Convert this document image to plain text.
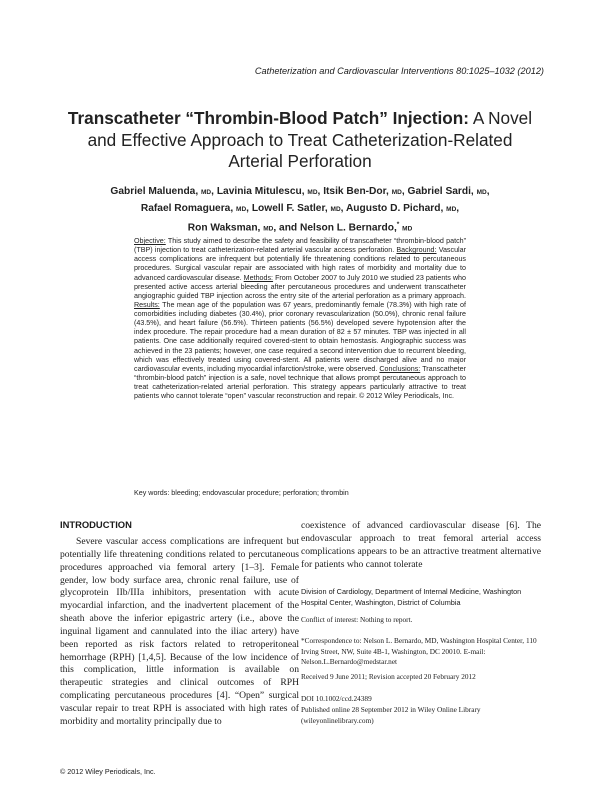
Catheterization and Cardiovascular Interventions 80:1025–1032 (2012)
Transcatheter “Thrombin-Blood Patch” Injection: A Novel and Effective Approach to Treat Catheterization-Related Arterial Perforation
Gabriel Maluenda, MD, Lavinia Mitulescu, MD, Itsik Ben-Dor, MD, Gabriel Sardi, MD,
Rafael Romaguera, MD, Lowell F. Satler, MD, Augusto D. Pichard, MD,
Ron Waksman, MD, and Nelson L. Bernardo,* MD
Objective: This study aimed to describe the safety and feasibility of transcatheter “thrombin-blood patch” (TBP) injection to treat catheterization-related arterial vascular access perforation. Background: Vascular access complications are infrequent but potentially life threatening conditions related to percutaneous procedures. Surgical vascular repair are associated with high rates of morbidity and mortality due to advanced cardiovascular disease. Methods: From October 2007 to July 2010 we studied 23 patients who presented active access arterial bleeding after percutaneous procedures and underwent transcatheter angiographic guided TBP injection across the entry site of the arterial perforation as a primary approach. Results: The mean age of the population was 67 years, predominantly female (78.3%) with high rate of comorbidities including diabetes (30.4%), prior coronary revascularization (50.0%), chronic renal failure (43.5%), and heart failure (56.5%). Thirteen patients (56.5%) developed severe hypotension after the index procedure. The repair procedure had a mean duration of 82 ± 57 minutes. TBP was injected in all patients. One case additionally required covered-stent to obtain hemostasis. Angiographic success was achieved in the 23 patients; however, one case required a second intervention due to recurrent bleeding, which was effectively treated using covered-stent. All patients were discharged alive and no major cardiovascular events, including myocardial infarction/stroke, were observed. Conclusions: Transcatheter “thrombin-blood patch” injection is a safe, novel technique that allows prompt percutaneous approach to treat catheterization-related arterial perforation. This strategy appears particularly attractive to treat patients who cannot tolerate “open” vascular reconstruction and repair. © 2012 Wiley Periodicals, Inc.
Key words: bleeding; endovascular procedure; perforation; thrombin
INTRODUCTION
Severe vascular access complications are infrequent but potentially life threatening conditions related to percutaneous procedures approached via femoral artery [1–3]. Female gender, low body surface area, chronic renal failure, use of glycoprotein IIb/IIIa inhibitors, presentation with acute myocardial infarction, and the inadvertent placement of the sheath above the inferior epigastric artery (i.e., above the inguinal ligament and cannulated into the iliac artery) have been reported as risk factors related to retroperitoneal hemorrhage (RPH) [1,4,5]. Because of the low incidence of this complication, little information is available on therapeutic strategies and clinical outcomes of RPH complicating percutaneous procedures [4]. “Open” surgical vascular repair to treat RPH is associated with high rates of morbidity and mortality principally due to
coexistence of advanced cardiovascular disease [6]. The endovascular approach to treat femoral arterial access complications appears to be an attractive treatment alternative for patients who cannot tolerate
Division of Cardiology, Department of Internal Medicine, Washington Hospital Center, Washington, District of Columbia
Conflict of interest: Nothing to report.
*Correspondence to: Nelson L. Bernardo, MD, Washington Hospital Center, 110 Irving Street, NW, Suite 4B-1, Washington, DC 20010. E-mail: Nelson.L.Bernardo@medstar.net
Received 9 June 2011; Revision accepted 20 February 2012
DOI 10.1002/ccd.24389
Published online 28 September 2012 in Wiley Online Library (wileyonlinelibrary.com)
© 2012 Wiley Periodicals, Inc.
